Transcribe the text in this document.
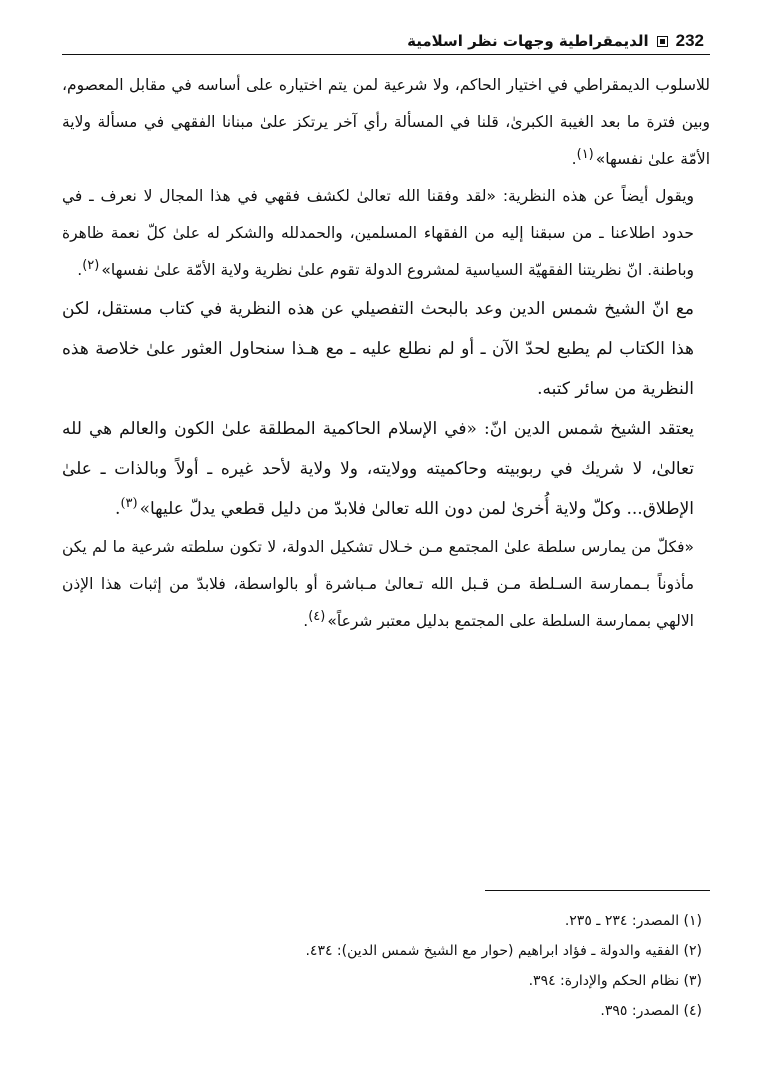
الديمقراطية وجهات نظر اسلامية 232

للاسلوب الديمقراطي في اختيار الحاكم، ولا شرعية لمن يتم اختياره على أساسه في مقابل المعصوم، وبين فترة ما بعد الغيبة الكبرىٰ، قلنا في المسألة رأي آخر يرتكز علىٰ مبنانا الفقهي في مسألة ولاية الأمّة علىٰ نفسها»$^{(١)}$.

ويقول أيضاً عن هذه النظرية: «لقد وفقنا الله تعالىٰ لكشف فقهي في هذا المجال لا نعرف ـ في حدود اطلاعنا ـ من سبقنا إليه من الفقهاء المسلمين، والحمدلله والشكر له علىٰ كلّ نعمة ظاهرة وباطنة. انّ نظريتنا الفقهيّة السياسية لمشروع الدولة تقوم علىٰ نظرية ولاية الأمّة علىٰ نفسها»$^{(٢)}$.

مع انّ الشيخ شمس الدين وعد بالبحث التفصيلي عن هذه النظرية في كتاب مستقل، لكن هذا الكتاب لم يطبع لحدّ الآن ـ أو لم نطلع عليه ـ مع هـذا سنحاول العثور علىٰ خلاصة هذه النظرية من سائر كتبه.

يعتقد الشيخ شمس الدين انّ: «في الإسلام الحاكمية المطلقة علىٰ الكون والعالم هي لله تعالىٰ، لا شريك في ربوبيته وحاكميته وولايته، ولا ولاية لأحد غيره ـ أولاً وبالذات ـ علىٰ الإطلاق... وكلّ ولاية أُخرىٰ لمن دون الله تعالىٰ فلابدّ من دليل قطعي يدلّ عليها»$^{(٣)}$.

«فكلّ من يمارس سلطة علىٰ المجتمع مـن خـلال تشكيل الدولة، لا تكون سلطته شرعية ما لم يكن مأذوناً بـممارسة السـلطة مـن قـبل الله تـعالىٰ مـباشرة أو بالواسطة، فلابدّ من إثبات هذا الإذن الالهي بممارسة السلطة على المجتمع بدليل معتبر شرعاً»$^{(٤)}$.

(١) المصدر: ٢٣٤ ـ ٢٣٥.
(٢) الفقيه والدولة ـ فؤاد ابراهيم (حوار مع الشيخ شمس الدين): ٤٣٤.
(٣) نظام الحكم والإدارة: ٣٩٤.
(٤) المصدر: ٣٩٥.
